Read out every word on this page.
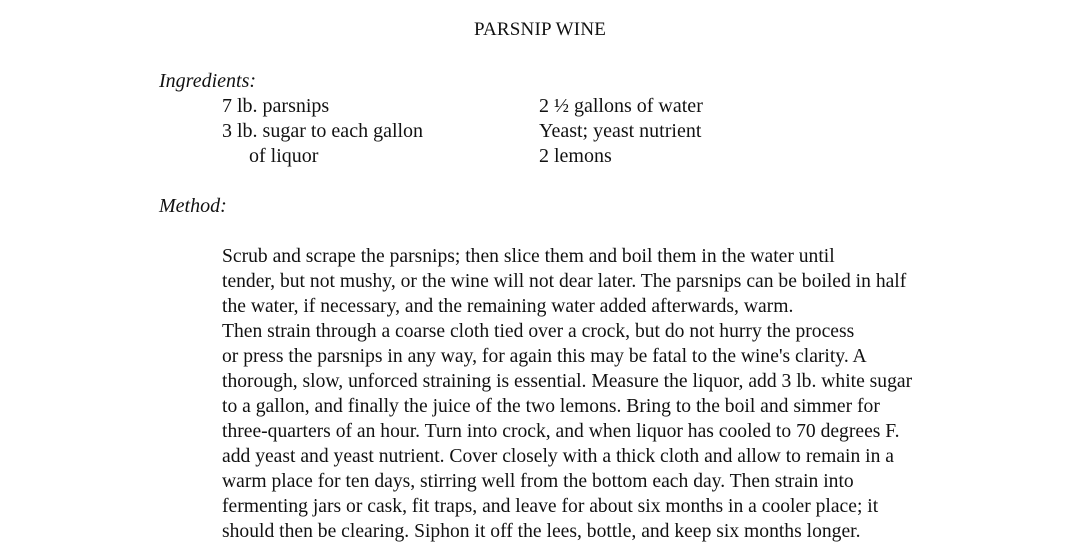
PARSNIP WINE
Ingredients:
7 lb. parsnips
3 lb. sugar to each gallon
of liquor
2 ½ gallons of water
Yeast; yeast nutrient
2 lemons
Method:

Scrub and scrape the parsnips; then slice them and boil them in the water until
tender, but not mushy, or the wine will not dear later. The parsnips can be boiled in half
the water, if necessary, and the remaining water added afterwards, warm.

Then strain through a coarse cloth tied over a crock, but do not hurry the process
or press the parsnips in any way, for again this may be fatal to the wine's clarity. A
thorough, slow, unforced straining is essential. Measure the liquor, add 3 lb. white sugar
to a gallon, and finally the juice of the two lemons. Bring to the boil and simmer for
three-quarters of an hour. Turn into crock, and when liquor has cooled to 70 degrees F.
add yeast and yeast nutrient. Cover closely with a thick cloth and allow to remain in a
warm place for ten days, stirring well from the bottom each day. Then strain into
fermenting jars or cask, fit traps, and leave for about six months in a cooler place; it
should then be clearing. Siphon it off the lees, bottle, and keep six months longer.
